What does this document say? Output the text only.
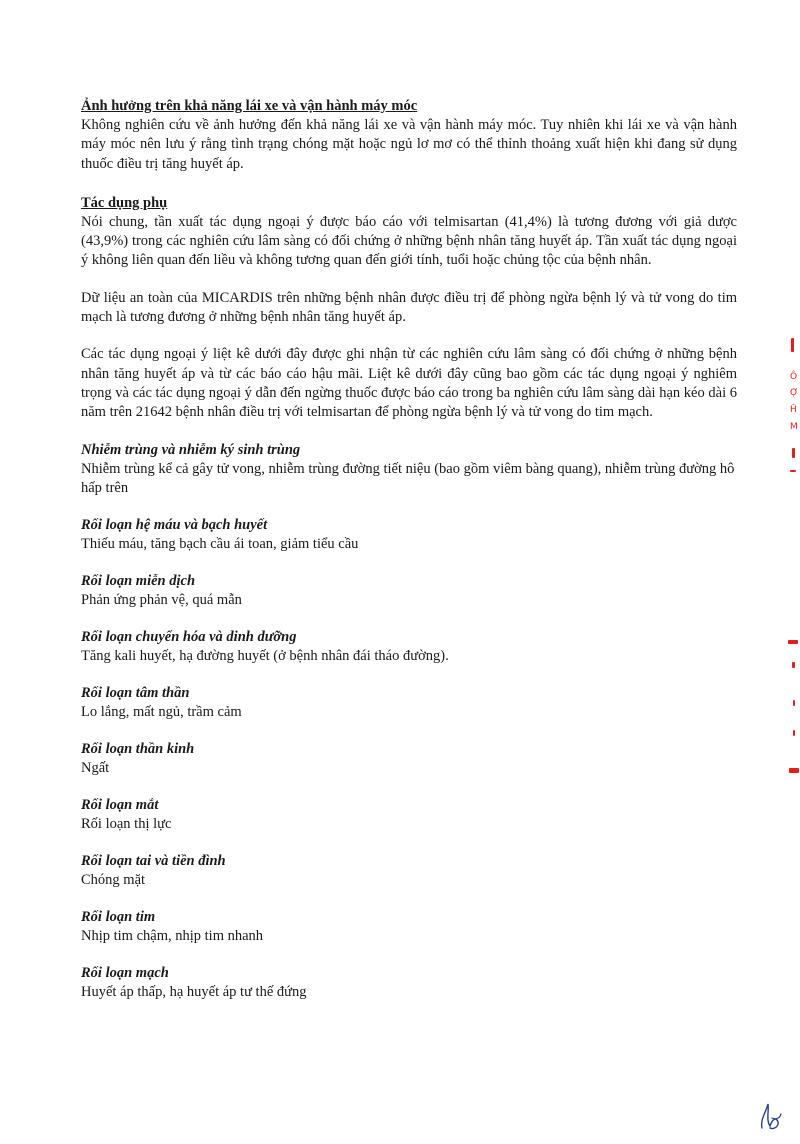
Ảnh hưởng trên khả năng lái xe và vận hành máy móc

Không nghiên cứu về ảnh hưởng đến khả năng lái xe và vận hành máy móc. Tuy nhiên khi lái xe và vận hành máy móc nên lưu ý rằng tình trạng chóng mặt hoặc ngủ lơ mơ có thể thỉnh thoảng xuất hiện khi đang sử dụng thuốc điều trị tăng huyết áp.

Tác dụng phụ

Nói chung, tần xuất tác dụng ngoại ý được báo cáo với telmisartan (41,4%) là tương đương với giả dược (43,9%) trong các nghiên cứu lâm sàng có đối chứng ở những bệnh nhân tăng huyết áp. Tần xuất tác dụng ngoại ý không liên quan đến liều và không tương quan đến giới tính, tuổi hoặc chủng tộc của bệnh nhân.

Dữ liệu an toàn của MICARDIS trên những bệnh nhân được điều trị để phòng ngừa bệnh lý và tử vong do tim mạch là tương đương ở những bệnh nhân tăng huyết áp.

Các tác dụng ngoại ý liệt kê dưới đây được ghi nhận từ các nghiên cứu lâm sàng có đối chứng ở những bệnh nhân tăng huyết áp và từ các báo cáo hậu mãi. Liệt kê dưới đây cũng bao gồm các tác dụng ngoại ý nghiêm trọng và các tác dụng ngoại ý dẫn đến ngừng thuốc được báo cáo trong ba nghiên cứu lâm sàng dài hạn kéo dài 6 năm trên 21642 bệnh nhân điều trị với telmisartan để phòng ngừa bệnh lý và tử vong do tim mạch.

Nhiễm trùng và nhiễm ký sinh trùng

Nhiễm trùng kể cả gây tử vong, nhiễm trùng đường tiết niệu (bao gồm viêm bàng quang), nhiễm trùng đường hô hấp trên

Rối loạn hệ máu và bạch huyết

Thiếu máu, tăng bạch cầu ái toan, giảm tiểu cầu

Rối loạn miễn dịch

Phản ứng phản vệ, quá mẫn

Rối loạn chuyển hóa và dinh dưỡng

Tăng kali huyết, hạ đường huyết (ở bệnh nhân đái tháo đường).

Rối loạn tâm thần

Lo lắng, mất ngủ, trầm cảm

Rối loạn thần kinh

Ngất

Rối loạn mắt

Rối loạn thị lực

Rối loạn tai và tiền đình

Chóng mặt

Rối loạn tim

Nhịp tim chậm, nhịp tim nhanh

Rối loạn mạch

Huyết áp thấp, hạ huyết áp tư thế đứng

Ô
Ợ
Ĥ
M
